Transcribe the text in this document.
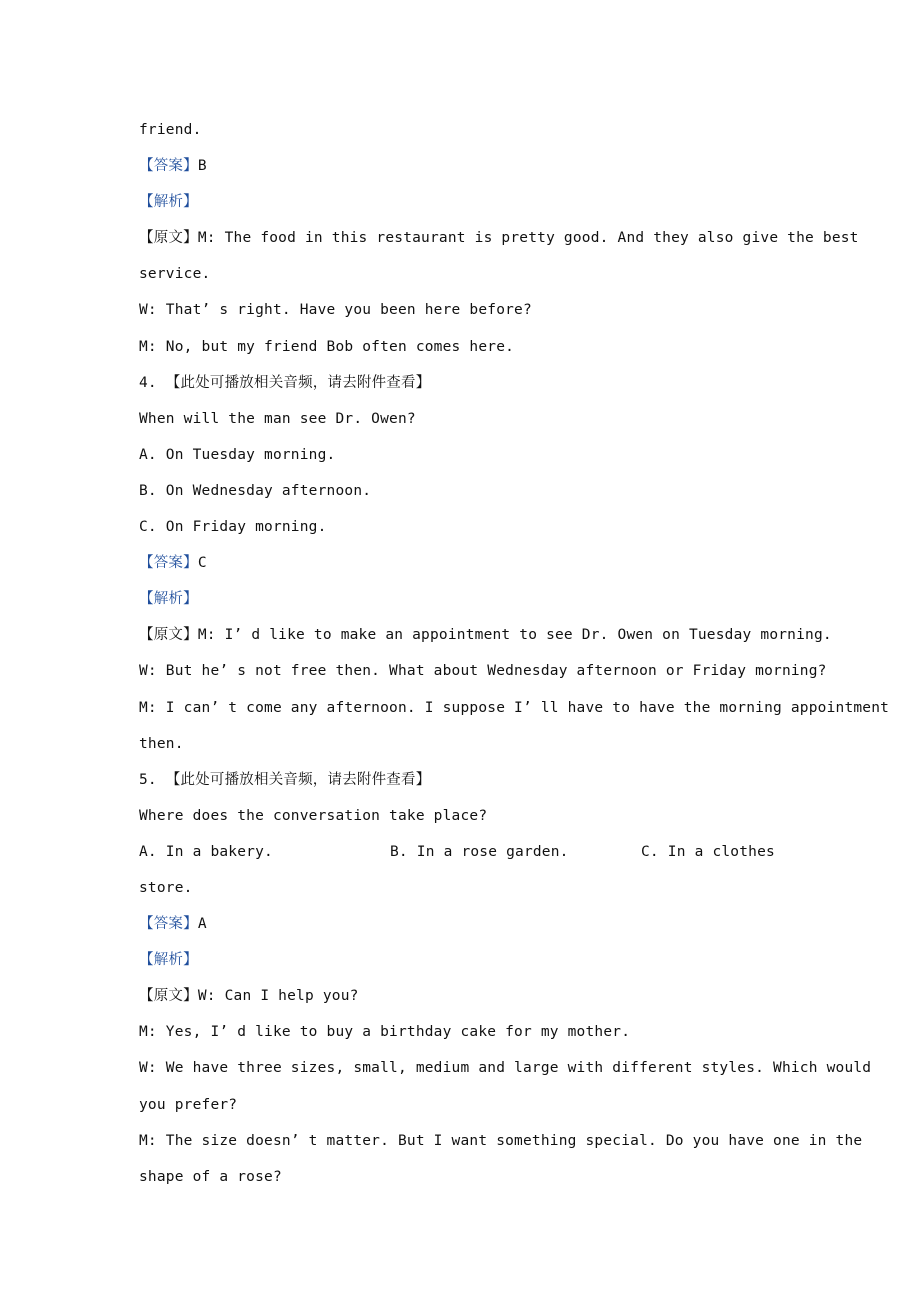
friend.
【答案】B
【解析】
【原文】M: The food in this restaurant is pretty good. And they also give the best
service.
W: That’ s right. Have you been here before?
M: No, but my friend Bob often comes here.
4. 【此处可播放相关音频，请去附件查看】
When will the man see Dr. Owen?
A. On Tuesday morning.
B. On Wednesday afternoon.
C. On Friday morning.
【答案】C
【解析】
【原文】M: I’ d like to make an appointment to see Dr. Owen on Tuesday morning.
W: But he’ s not free then. What about Wednesday afternoon or Friday morning?
M: I can’ t come any afternoon. I suppose I’ ll have to have the morning appointment
then.
5. 【此处可播放相关音频，请去附件查看】
Where does the conversation take place?
A. In a bakery.	B. In a rose garden.	C. In a clothes
store.
【答案】A
【解析】
【原文】W: Can I help you?
M: Yes, I’ d like to buy a birthday cake for my mother.
W: We have three sizes, small, medium and large with different styles. Which would
you prefer?
M: The size doesn’ t matter. But I want something special. Do you have one in the
shape of a rose?
